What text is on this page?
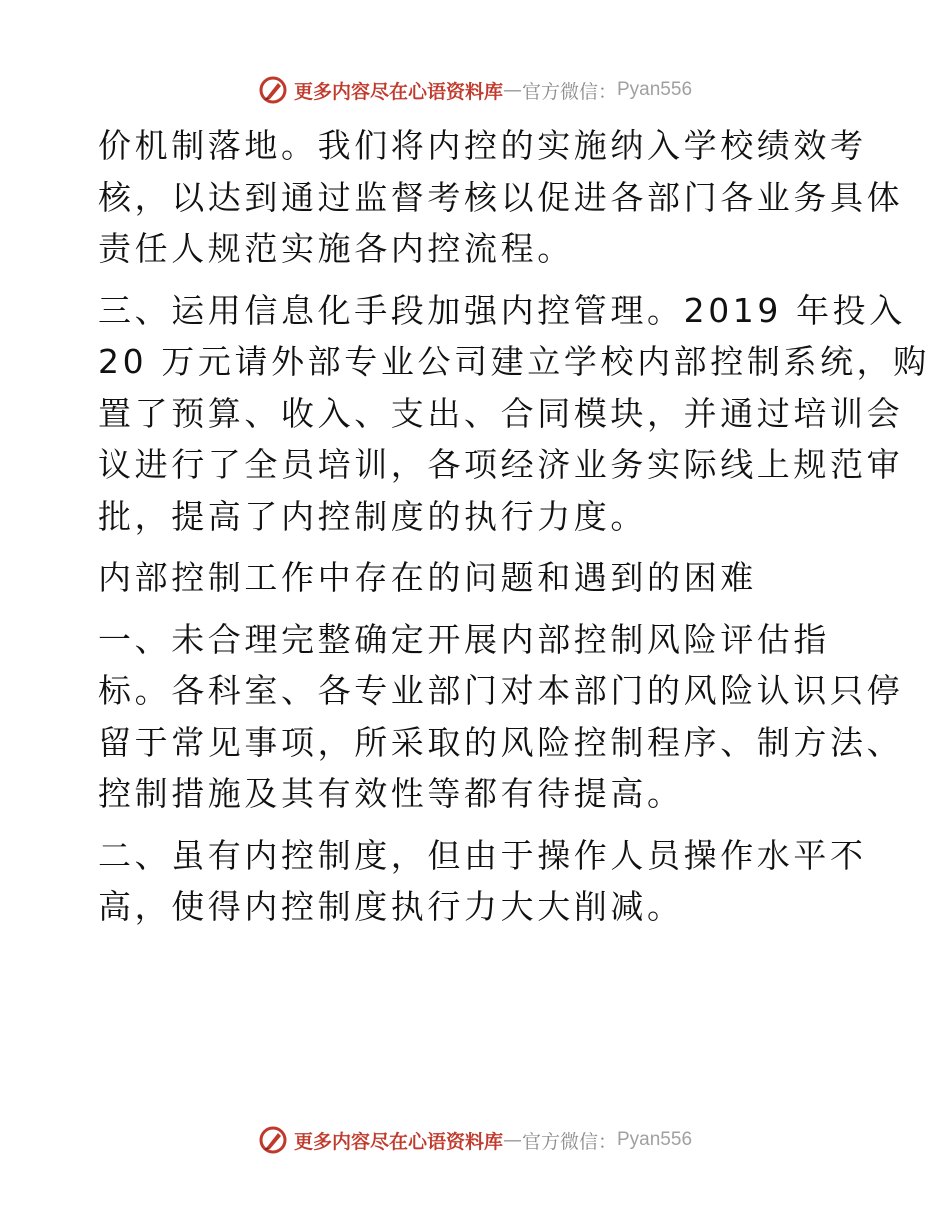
更多内容尽在心语资料库 — 官方微信： Pyan556
价机制落地。我们将内控的实施纳入学校绩效考
核，以达到通过监督考核以促进各部门各业务具体
责任人规范实施各内控流程。
三、运用信息化手段加强内控管理。2019 年投入
20 万元请外部专业公司建立学校内部控制系统，购
置了预算、收入、支出、合同模块，并通过培训会
议进行了全员培训，各项经济业务实际线上规范审
批，提高了内控制度的执行力度。
内部控制工作中存在的问题和遇到的困难
一、未合理完整确定开展内部控制风险评估指
标。各科室、各专业部门对本部门的风险认识只停
留于常见事项，所采取的风险控制程序、制方法、
控制措施及其有效性等都有待提高。
二、虽有内控制度，但由于操作人员操作水平不
高，使得内控制度执行力大大削减。
更多内容尽在心语资料库 — 官方微信： Pyan556
